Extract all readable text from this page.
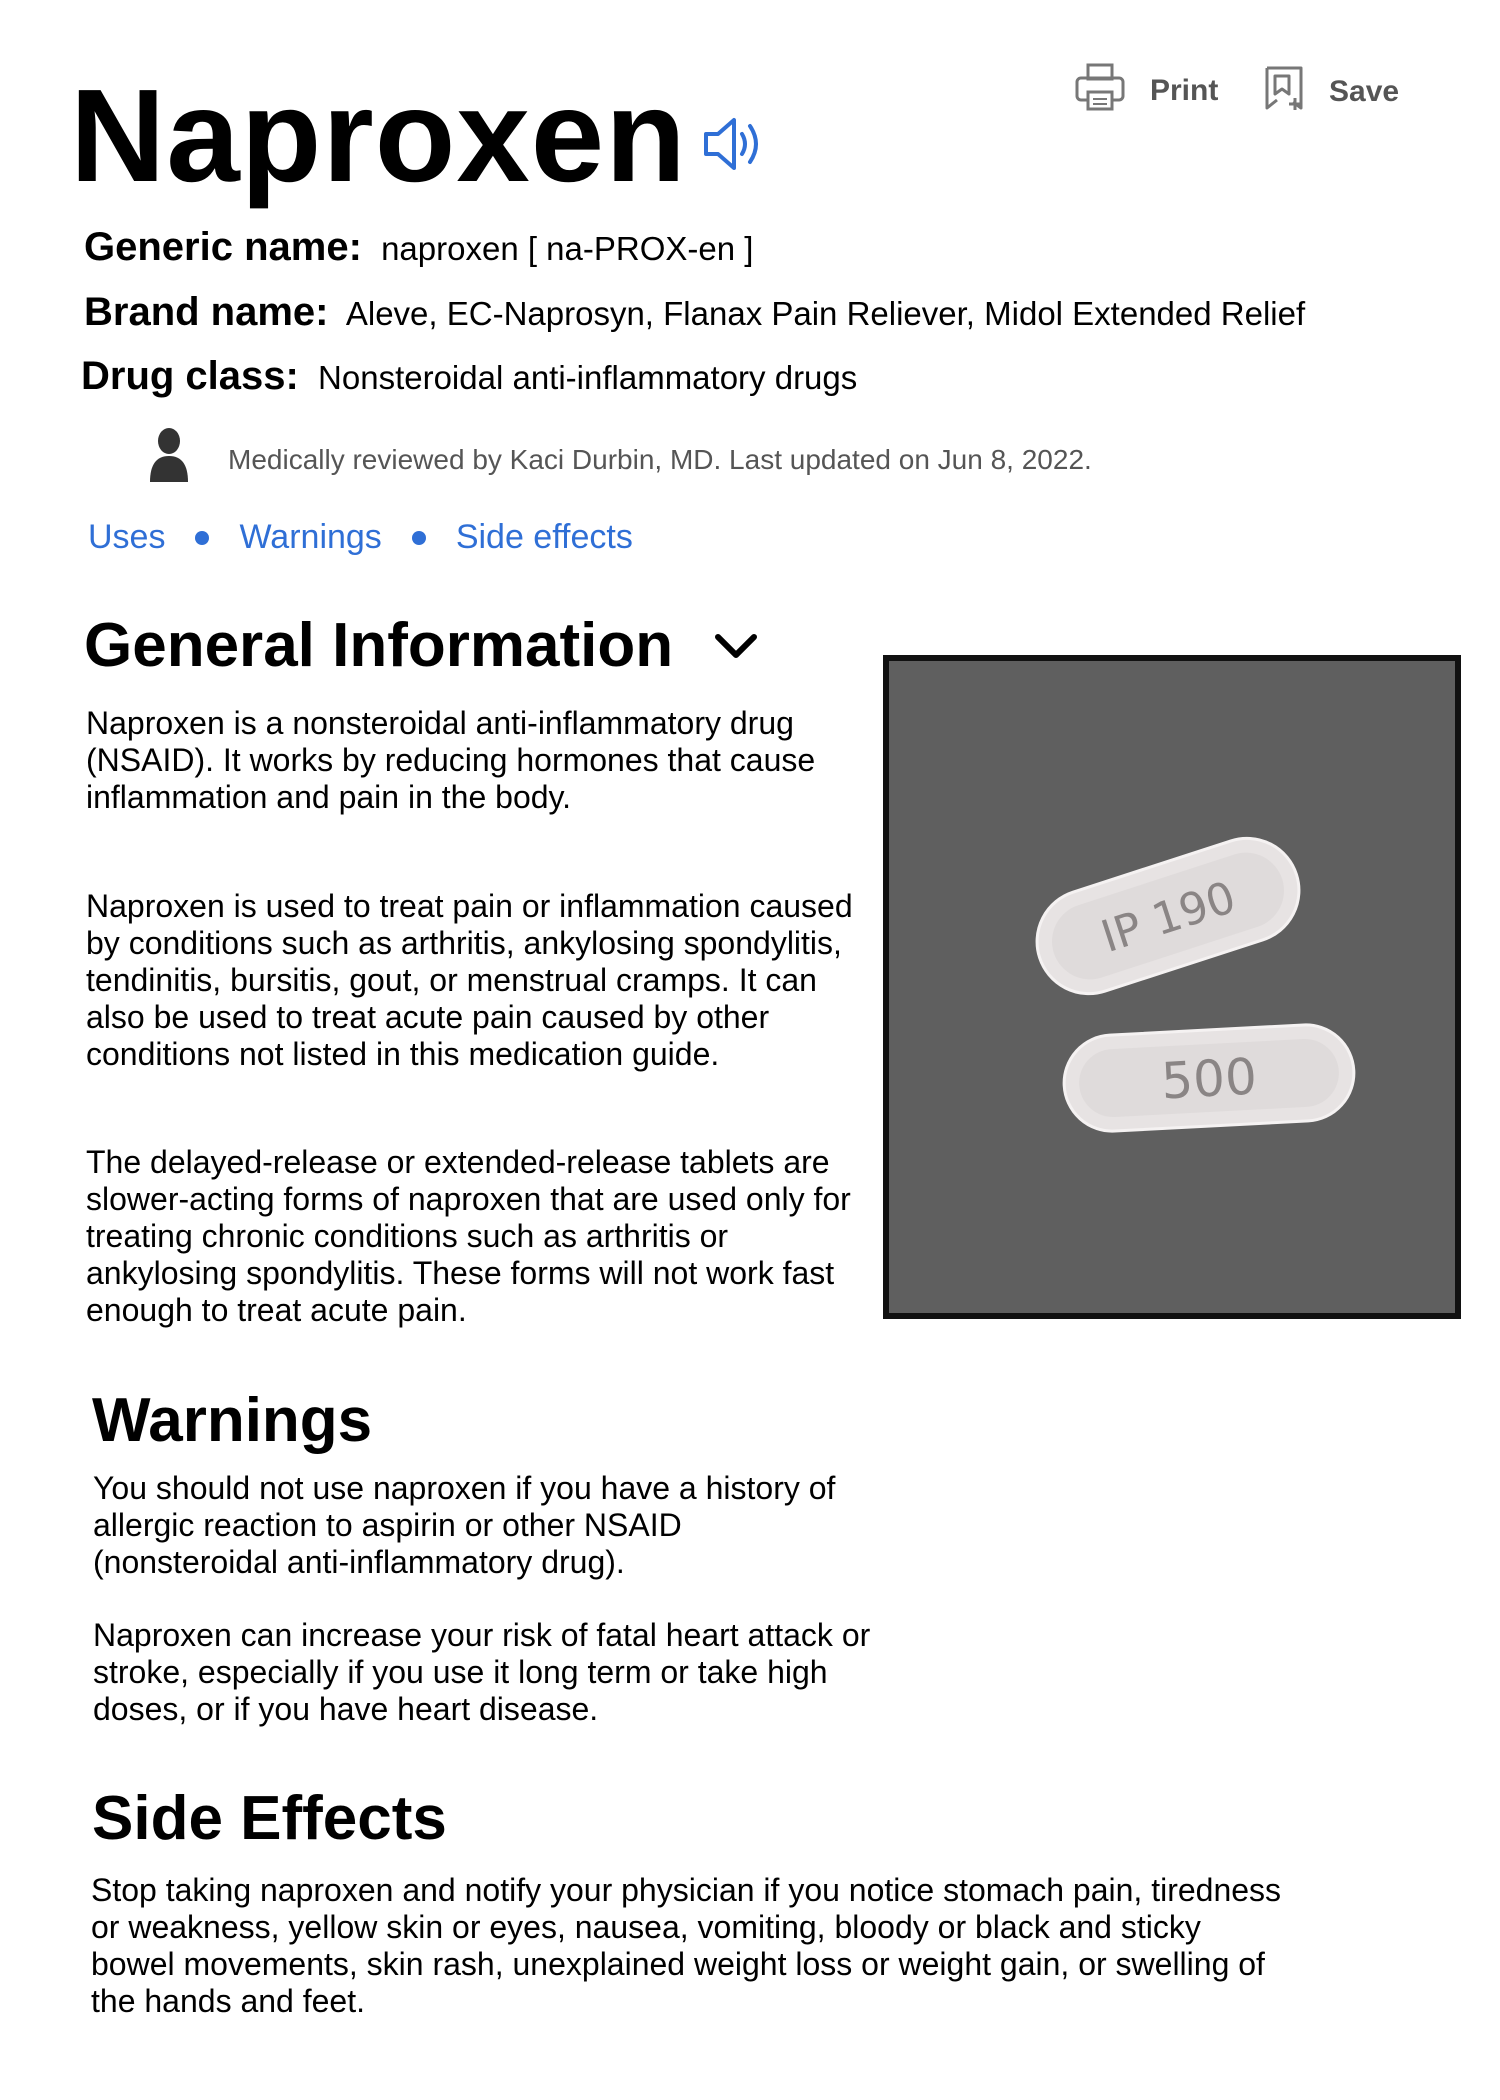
Naproxen	Print	Save
Generic name: naproxen [ na-PROX-en ]
Brand name: Aleve, EC-Naprosyn, Flanax Pain Reliever, Midol Extended Relief
Drug class: Nonsteroidal anti-inflammatory drugs
Medically reviewed by Kaci Durbin, MD. Last updated on Jun 8, 2022.
Uses Warnings Side effects
General Information

Naproxen is a nonsteroidal anti-inflammatory drug (NSAID). It works by reducing hormones that cause
inflammation and pain in the body.

Naproxen is used to treat pain or inflammation caused by conditions such as arthritis, ankylosing spondylitis, tendinitis, bursitis, gout, or menstrual cramps. It can also be used to treat acute pain caused by other conditions not listed in this medication guide.

The delayed-release or extended-release tablets are slower-acting forms of naproxen that are used only for treating chronic conditions such as arthritis or ankylosing spondylitis. These forms will not work fast enough to treat acute pain.

IP 190
500
Warnings

You should not use naproxen if you have a history of allergic reaction to aspirin or other NSAID (nonsteroidal anti-inflammatory drug).

Naproxen can increase your risk of fatal heart attack or stroke, especially if you use it long term or take high doses, or if you have heart disease.

Side Effects

Stop taking naproxen and notify your physician if you notice stomach pain, tiredness or weakness, yellow skin or eyes, nausea, vomiting, bloody or black and sticky bowel movements, skin rash, unexplained weight loss or weight gain, or swelling of the hands and feet.
